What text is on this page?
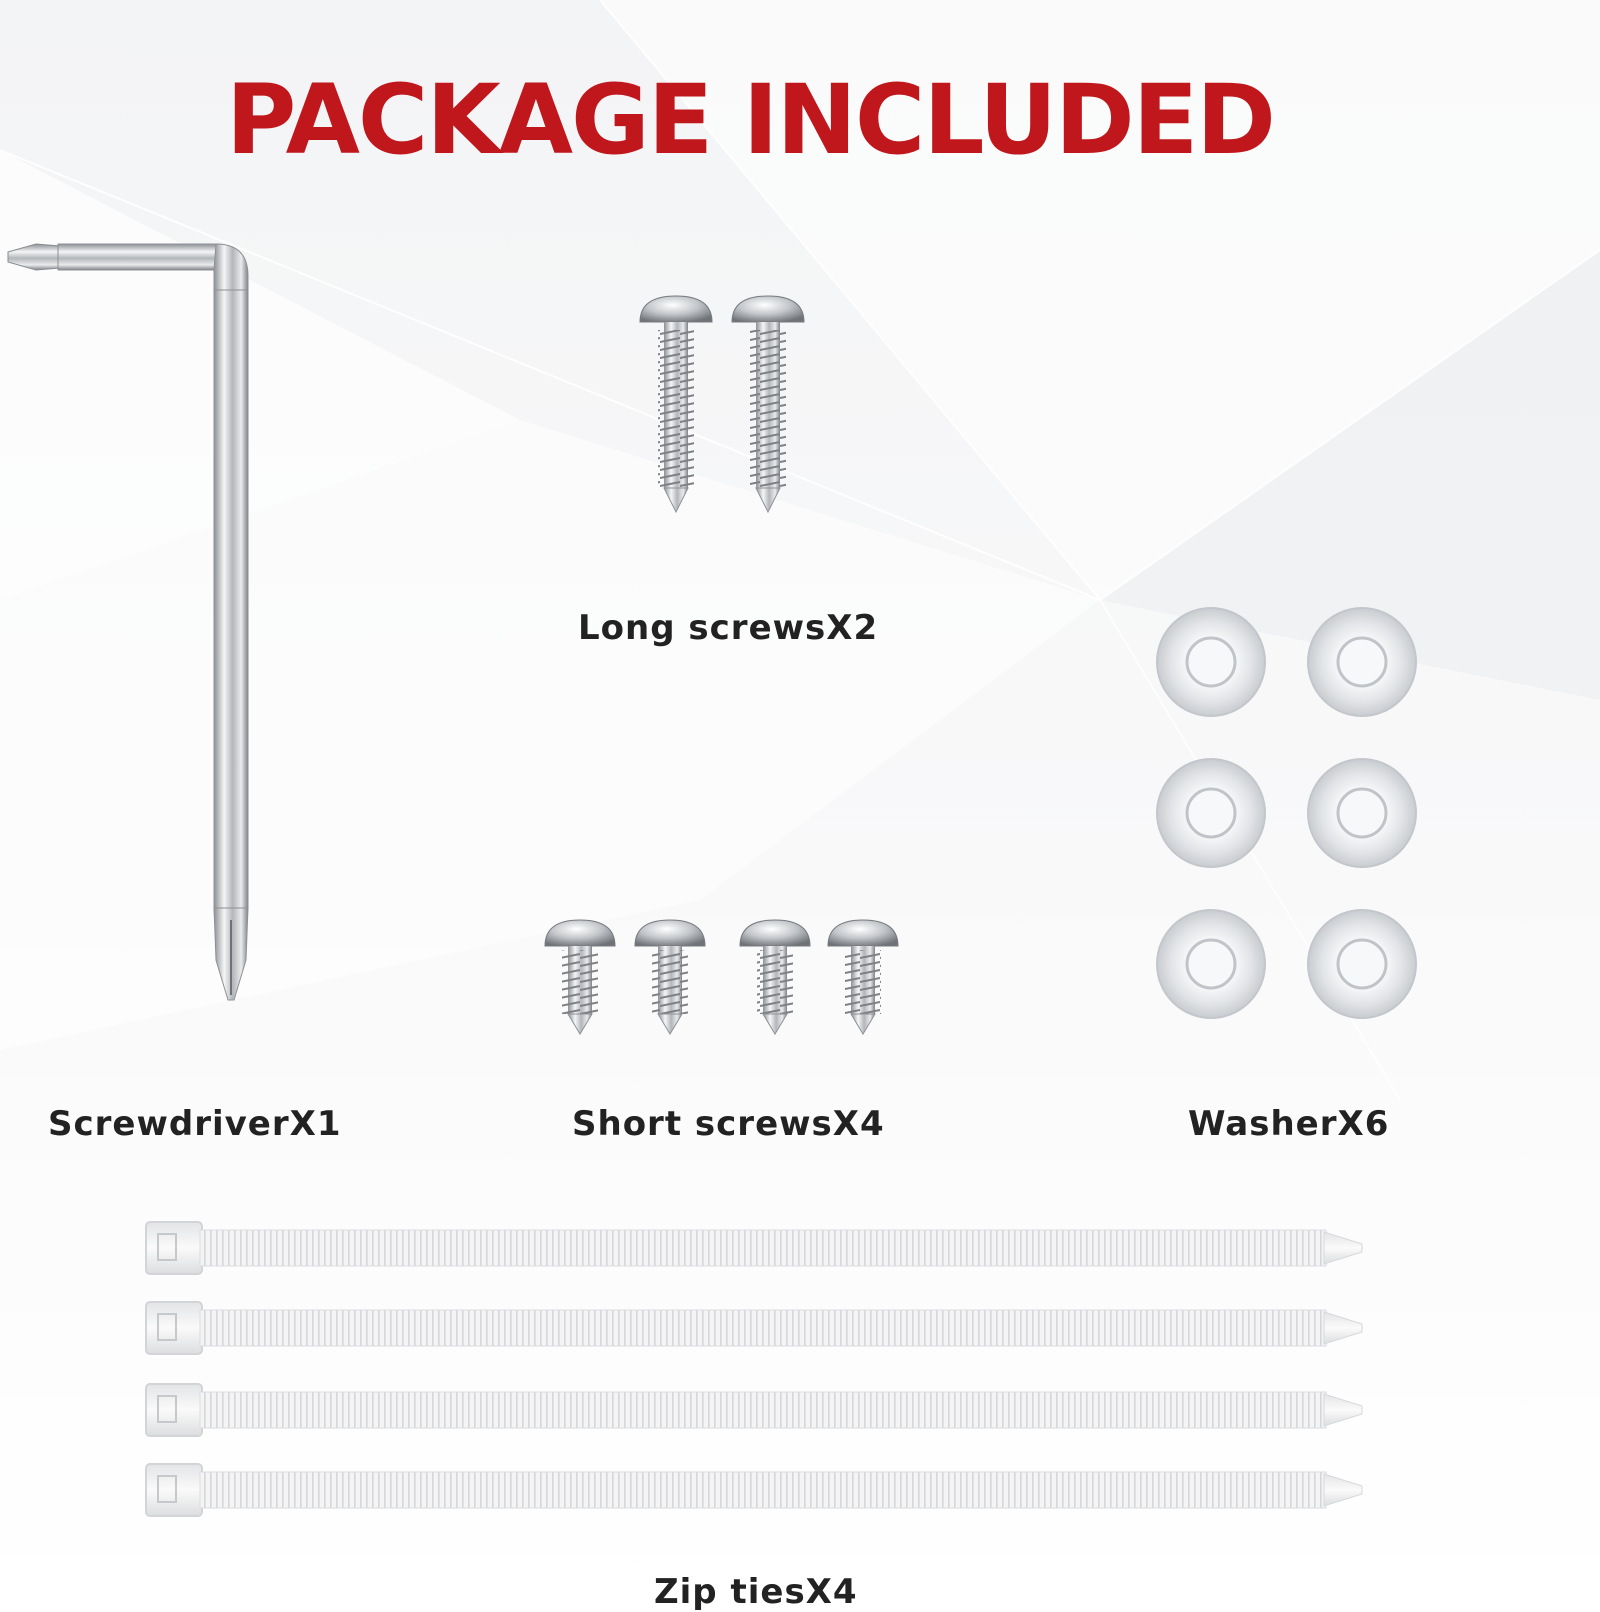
PACKAGE INCLUDED
Long screwsX2
ScrewdriverX1	Short screwsX4	WasherX6
Zip tiesX4
